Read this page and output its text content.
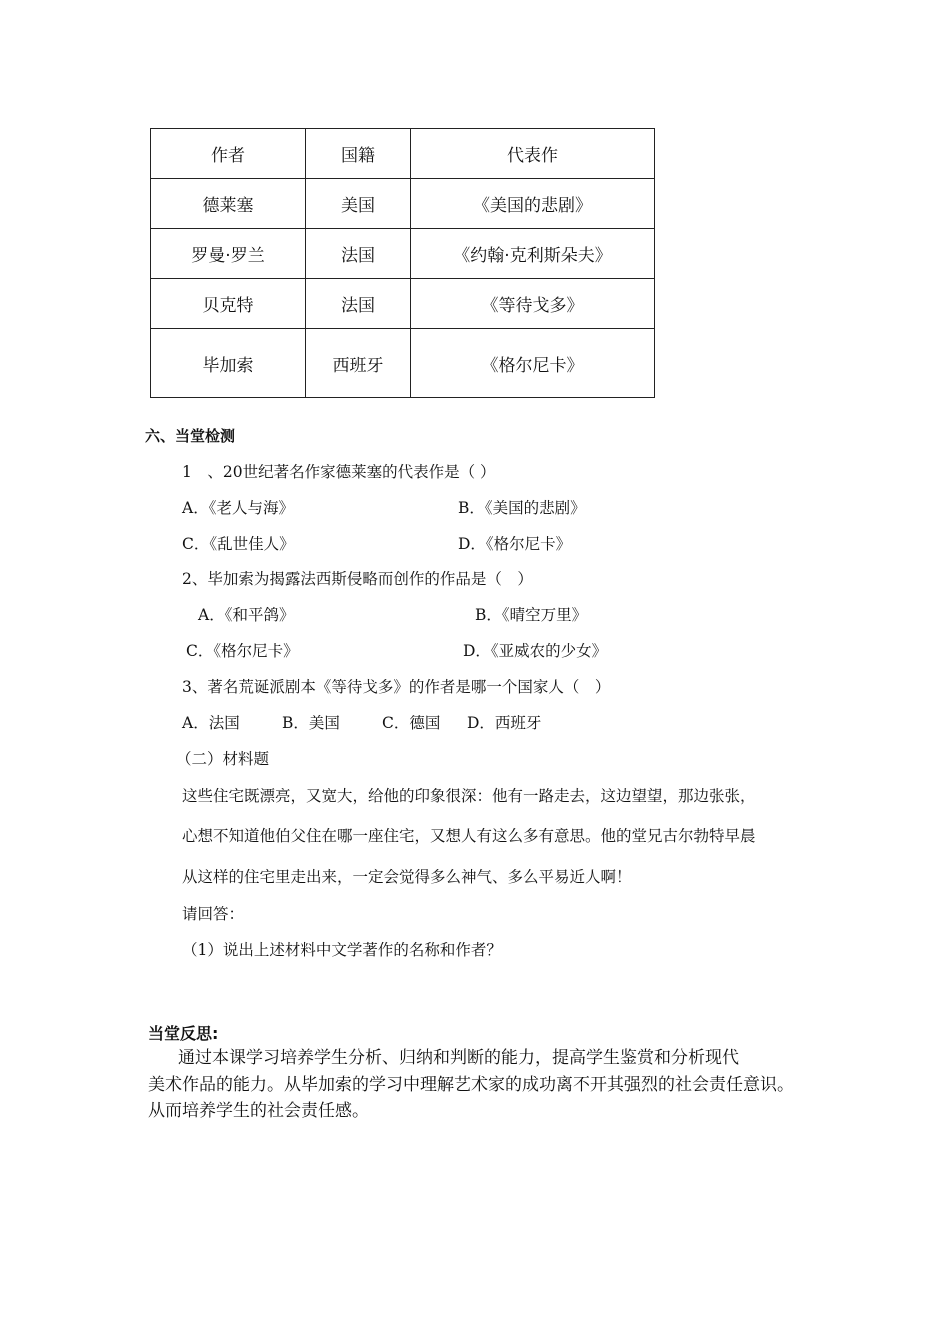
作者	国籍	代表作
德莱塞	美国	《美国的悲剧》
罗曼·罗兰	法国	《约翰·克利斯朵夫》
贝克特	法国	《等待戈多》
毕加索	西班牙	《格尔尼卡》
六、当堂检测
1　、20世纪著名作家德莱塞的代表作是（ ）
A．《老人与海》	B．《美国的悲剧》
C．《乱世佳人》	D．《格尔尼卡》
2、毕加索为揭露法西斯侵略而创作的作品是（　）
A．《和平鸽》	B．《晴空万里》
C．《格尔尼卡》	D．《亚威农的少女》
3、著名荒诞派剧本《等待戈多》的作者是哪一个国家人（　）
A．法国	B．美国	C．德国 D．西班牙
（二）材料题
这些住宅既漂亮，又宽大，给他的印象很深：他有一路走去，这边望望，那边张张，
心想不知道他伯父住在哪一座住宅，又想人有这么多有意思。他的堂兄古尔勃特早晨
从这样的住宅里走出来，一定会觉得多么神气、多么平易近人啊！
请回答：
（1）说出上述材料中文学著作的名称和作者？
当堂反思:
通过本课学习培养学生分析、归纳和判断的能力，提高学生鉴赏和分析现代
美术作品的能力。从毕加索的学习中理解艺术家的成功离不开其强烈的社会责任意识。
从而培养学生的社会责任感。
